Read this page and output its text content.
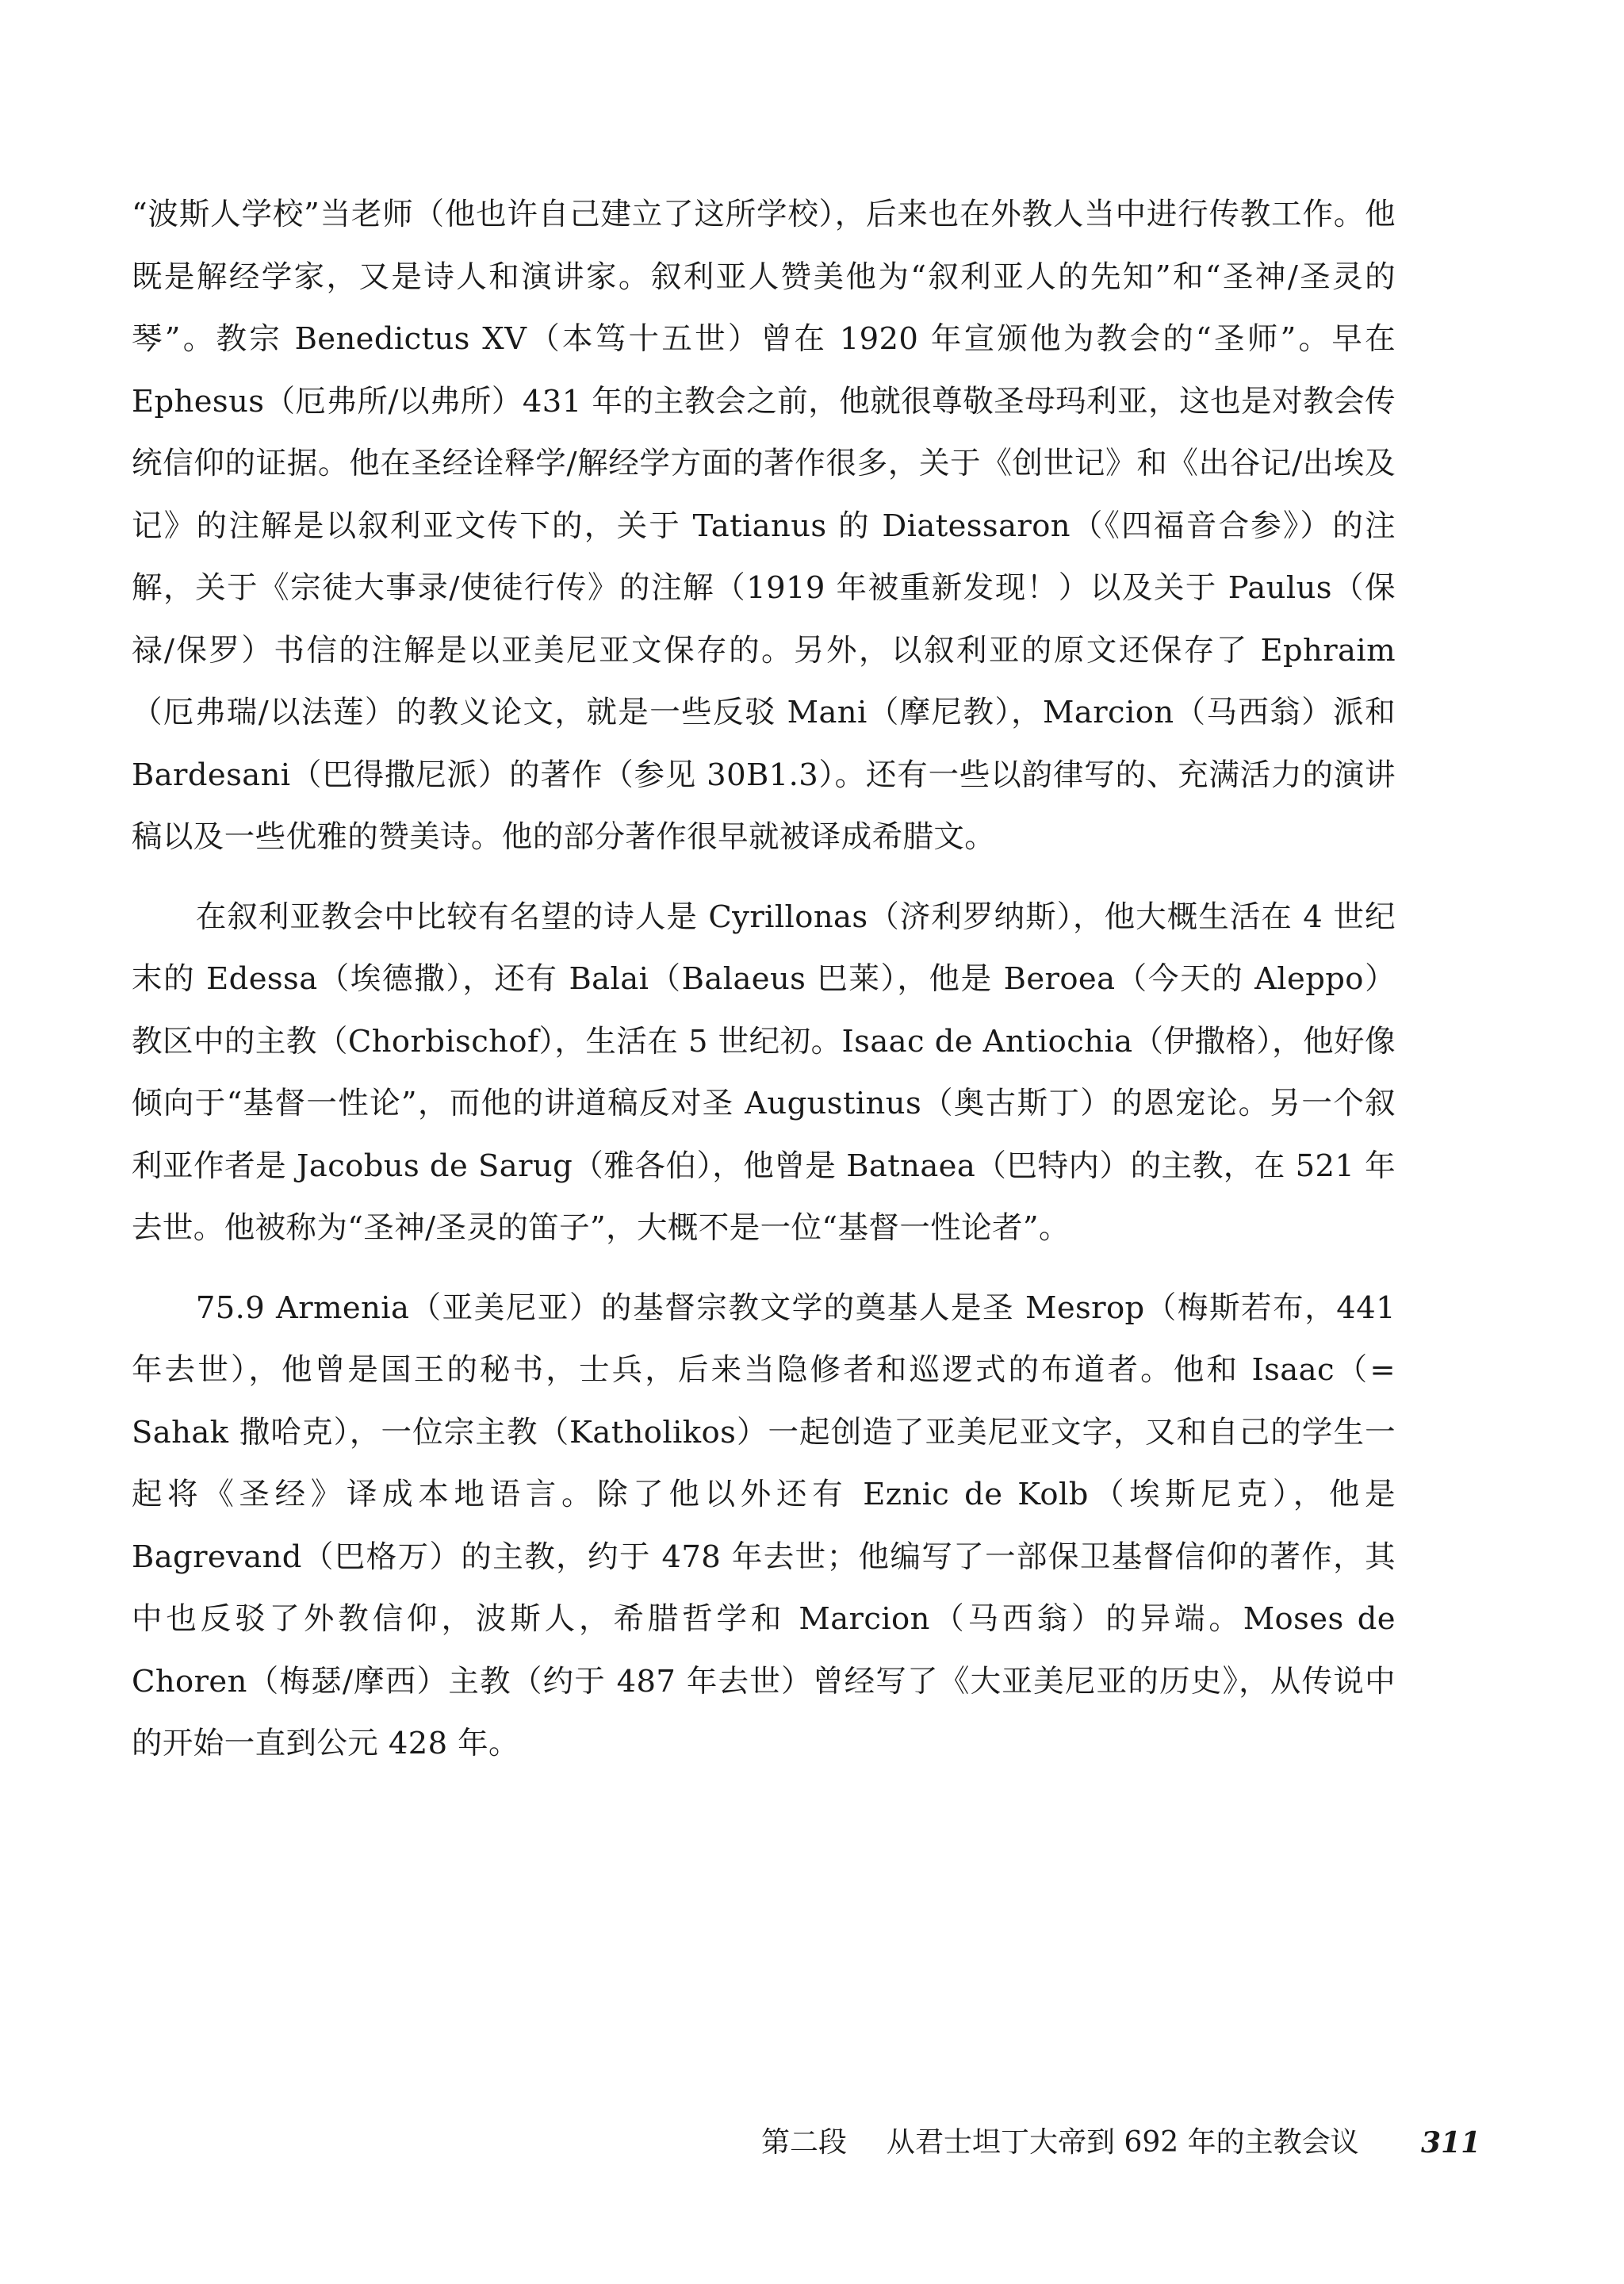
“波斯人学校”当老师（他也许自己建立了这所学校），后来也在外教人当中进行传教工作。他既是解经学家，又是诗人和演讲家。叙利亚人赞美他为“叙利亚人的先知”和“圣神/圣灵的琴”。教宗 Benedictus XV（本笃十五世）曾在 1920 年宣颁他为教会的“圣师”。早在 Ephesus（厄弗所/以弗所）431 年的主教会之前，他就很尊敬圣母玛利亚，这也是对教会传统信仰的证据。他在圣经诠释学/解经学方面的著作很多，关于《创世记》和《出谷记/出埃及记》的注解是以叙利亚文传下的，关于 Tatianus 的 Diatessaron（《四福音合参》）的注解，关于《宗徒大事录/使徒行传》的注解（1919 年被重新发现！）以及关于 Paulus（保禄/保罗）书信的注解是以亚美尼亚文保存的。另外，以叙利亚的原文还保存了 Ephraim（厄弗瑞/以法莲）的教义论文，就是一些反驳 Mani（摩尼教），Marcion（马西翁）派和 Bardesani（巴得撒尼派）的著作（参见 30B1.3）。还有一些以韵律写的、充满活力的演讲稿以及一些优雅的赞美诗。他的部分著作很早就被译成希腊文。

在叙利亚教会中比较有名望的诗人是 Cyrillonas（济利罗纳斯），他大概生活在 4 世纪末的 Edessa（埃德撒），还有 Balai（Balaeus 巴莱），他是 Beroea（今天的 Aleppo）教区中的主教（Chorbischof），生活在 5 世纪初。Isaac de Antiochia（伊撒格），他好像倾向于“基督一性论”，而他的讲道稿反对圣 Augustinus（奥古斯丁）的恩宠论。另一个叙利亚作者是 Jacobus de Sarug（雅各伯），他曾是 Batnaea（巴特内）的主教，在 521 年去世。他被称为“圣神/圣灵的笛子”，大概不是一位“基督一性论者”。

75.9 Armenia（亚美尼亚）的基督宗教文学的奠基人是圣 Mesrop（梅斯若布，441 年去世），他曾是国王的秘书，士兵，后来当隐修者和巡逻式的布道者。他和 Isaac（= Sahak 撒哈克），一位宗主教（Katholikos）一起创造了亚美尼亚文字，又和自己的学生一起将《圣经》译成本地语言。除了他以外还有 Eznic de Kolb（埃斯尼克），他是 Bagrevand（巴格万）的主教，约于 478 年去世；他编写了一部保卫基督信仰的著作，其中也反驳了外教信仰，波斯人，希腊哲学和 Marcion（马西翁）的异端。Moses de Choren（梅瑟/摩西）主教（约于 487 年去世）曾经写了《大亚美尼亚的历史》，从传说中的开始一直到公元 428 年。

第二段 从君士坦丁大帝到 692 年的主教会议 311
